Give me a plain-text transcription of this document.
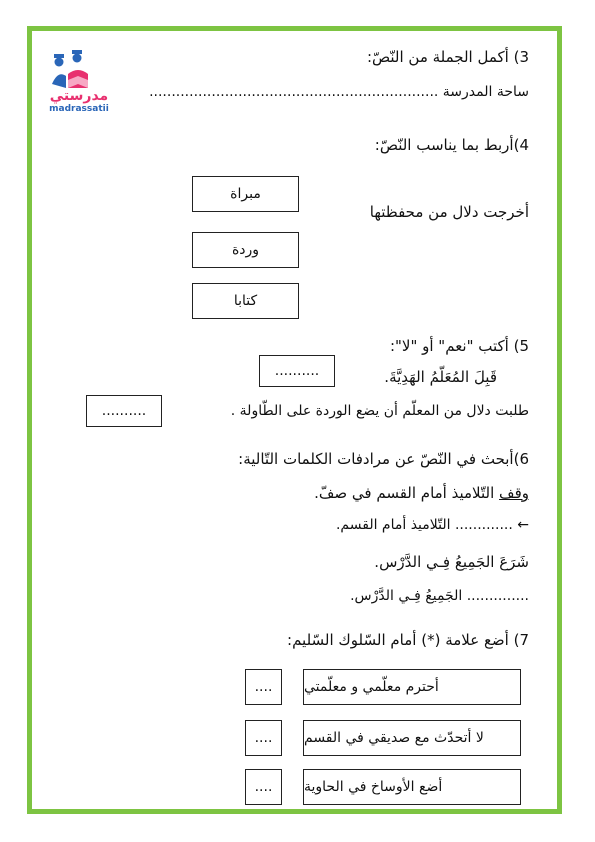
مدرستي
madrassatii
3) أكمل الجملة من النّصّ:
ساحة المدرسة .................................................................
4)أربط بما يناسب النّصّ:
أخرجت دلال من محفظتها
مبراة
وردة
كتابا
5) أكتب "نعم" أو "لا":
قَبِلَ المُعَلّمُ الهَدِيَّةَ.
..........
طلبت دلال من المعلّم أن يضع الوردة على الطّاولة .
..........
6)أبحث في النّصّ عن مرادفات الكلمات التّالية:
وقف التّلاميذ أمام القسم في صفّ.
← ............. التّلاميذ أمام القسم.
شَرَعَ الجَمِيعُ فِـي الدَّرْس.
.............. الجَمِيعُ فِـي الدَّرْس.
7) أضع علامة (*) أمام السّلوك السّليم:
أحترم معلّمي و معلّمتي
....
لا أتحدّث مع صديقي في القسم
....
أضع الأوساخ في الحاوية
....
